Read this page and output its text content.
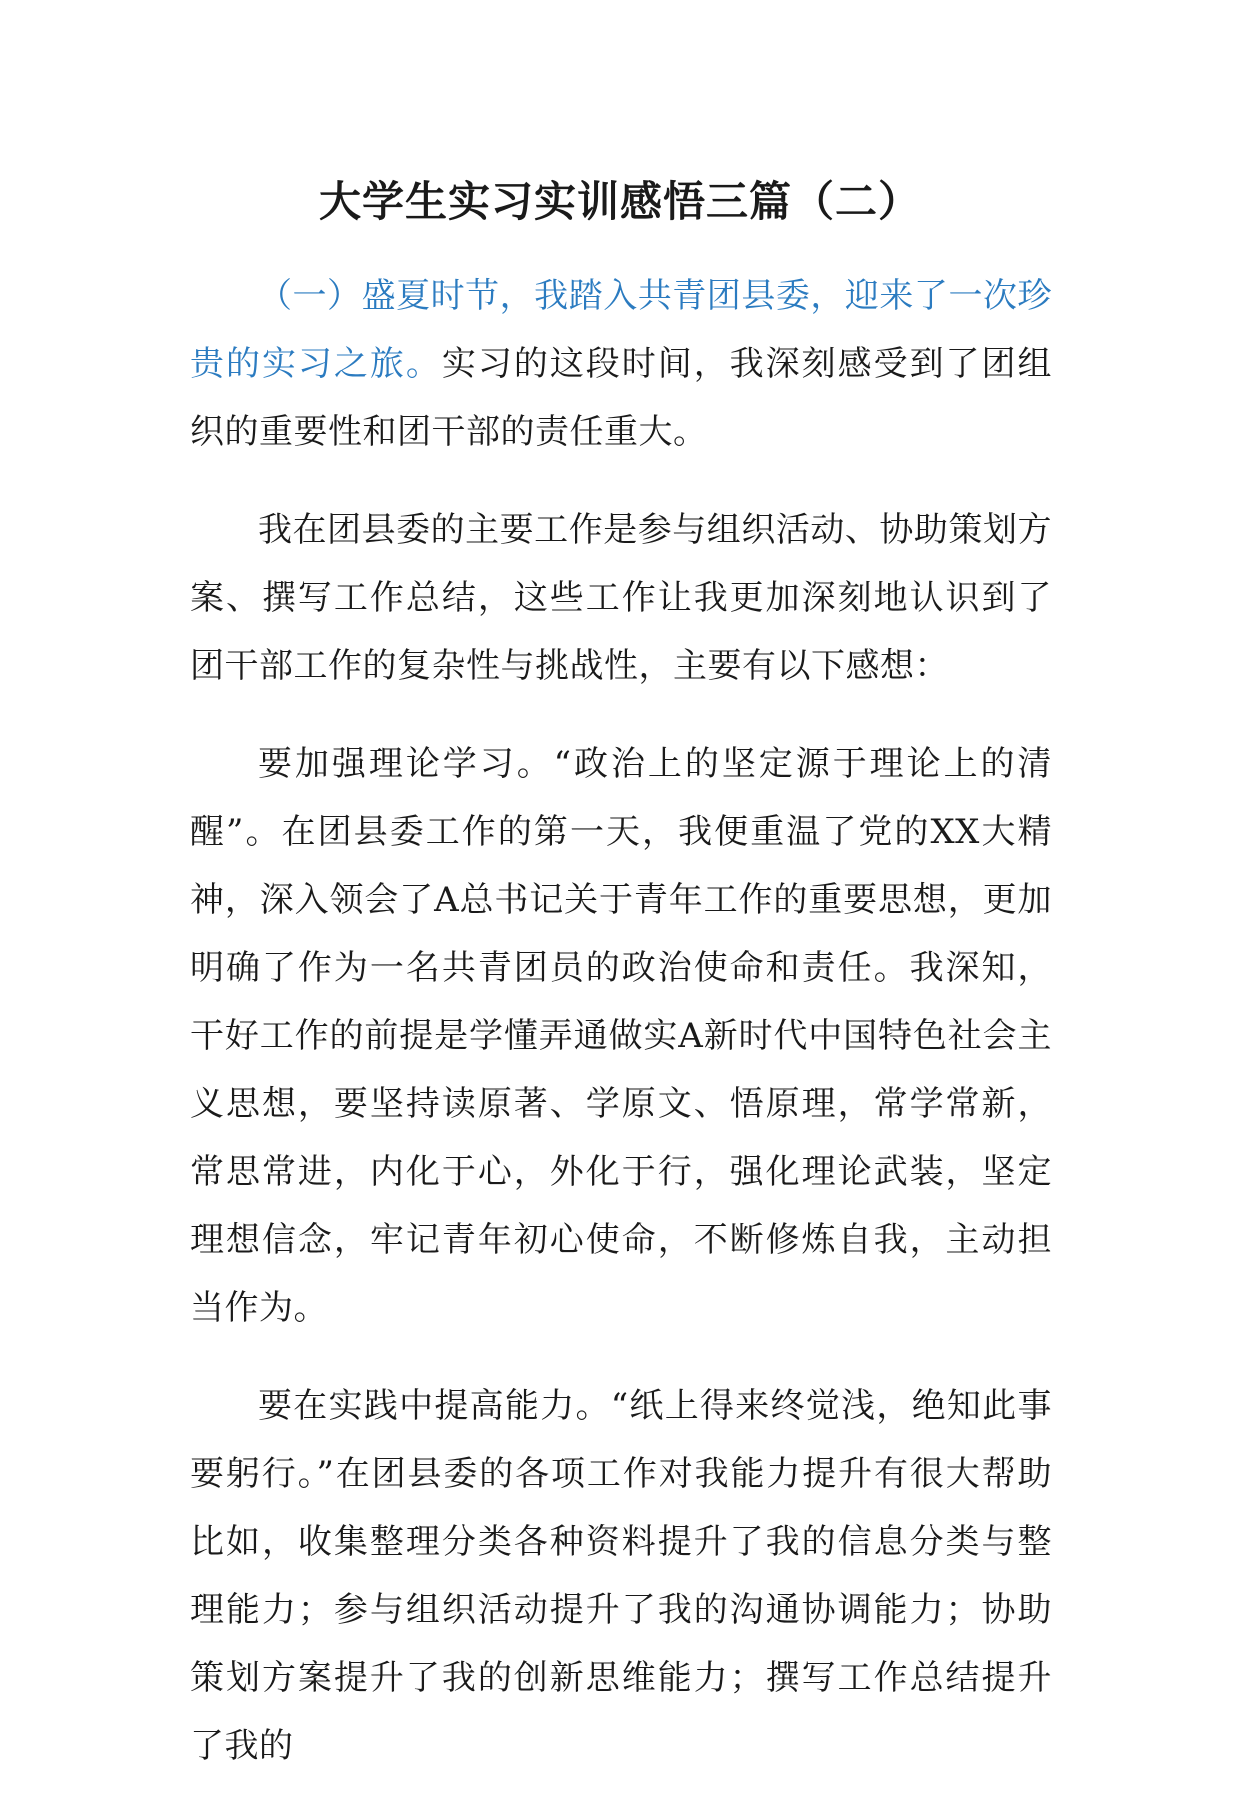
大学生实习实训感悟三篇（二）

（一）盛夏时节，我踏入共青团县委，迎来了一次珍贵的实习之旅。实习的这段时间，我深刻感受到了团组织的重要性和团干部的责任重大。

我在团县委的主要工作是参与组织活动、协助策划方案、撰写工作总结，这些工作让我更加深刻地认识到了团干部工作的复杂性与挑战性，主要有以下感想：

要加强理论学习。“政治上的坚定源于理论上的清醒”。在团县委工作的第一天，我便重温了党的XX大精神，深入领会了A总书记关于青年工作的重要思想，更加明确了作为一名共青团员的政治使命和责任。我深知，干好工作的前提是学懂弄通做实A新时代中国特色社会主义思想，要坚持读原著、学原文、悟原理，常学常新，常思常进，内化于心，外化于行，强化理论武装，坚定理想信念，牢记青年初心使命，不断修炼自我，主动担当作为。

要在实践中提高能力。“纸上得来终觉浅，绝知此事要躬行。”在团县委的各项工作对我能力提升有很大帮助比如，收集整理分类各种资料提升了我的信息分类与整理能力；参与组织活动提升了我的沟通协调能力；协助策划方案提升了我的创新思维能力；撰写工作总结提升了我的
